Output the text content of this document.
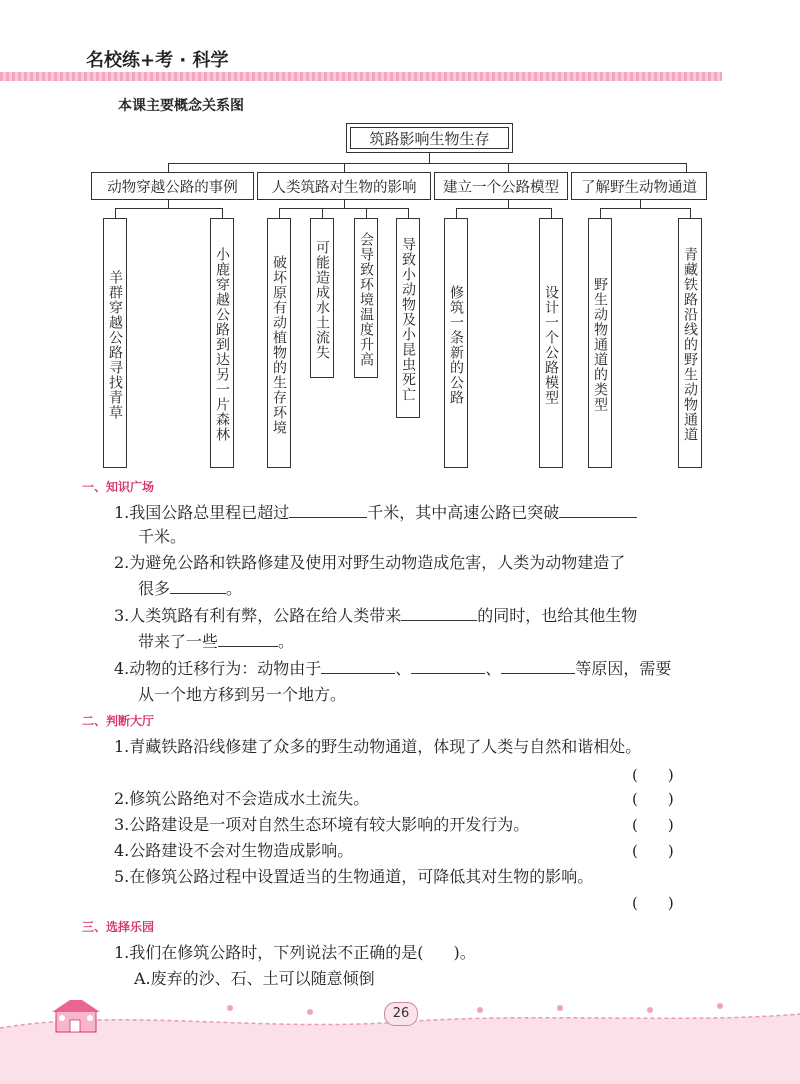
名校练+考 · 科学
本课主要概念关系图
筑路影响生物生存
动物穿越公路的事例	人类筑路对生物的影响	建立一个公路模型	了解野生动物通道
羊群穿越公路寻找青草	小鹿穿越公路到达另一片森林	破坏原有动植物的生存环境 可能造成水土流失 会导致环境温度升高 导致小动物及小昆虫死亡 修筑一条新的公路	设计一个公路模型 野生动物通道的类型	青藏铁路沿线的野生动物通道
一、知识广场
1.我国公路总里程已超过	千米，其中高速公路已突破
千米。
2.为避免公路和铁路修建及使用对野生动物造成危害，人类为动物建造了
很多	。
3.人类筑路有利有弊，公路在给人类带来	的同时，也给其他生物
带来了一些	。
4.动物的迁移行为：动物由于	、	、	等原因，需要
从一个地方移到另一个地方。
二、判断大厅
1.青藏铁路沿线修建了众多的野生动物通道，体现了人类与自然和谐相处。
(　　)
2.修筑公路绝对不会造成水土流失。	(　　)
3.公路建设是一项对自然生态环境有较大影响的开发行为。	(　　)
4.公路建设不会对生物造成影响。	(　　)
5.在修筑公路过程中设置适当的生物通道，可降低其对生物的影响。
(　　)
三、选择乐园
1.我们在修筑公路时，下列说法不正确的是( )。
A.废弃的沙、石、土可以随意倾倒
26
